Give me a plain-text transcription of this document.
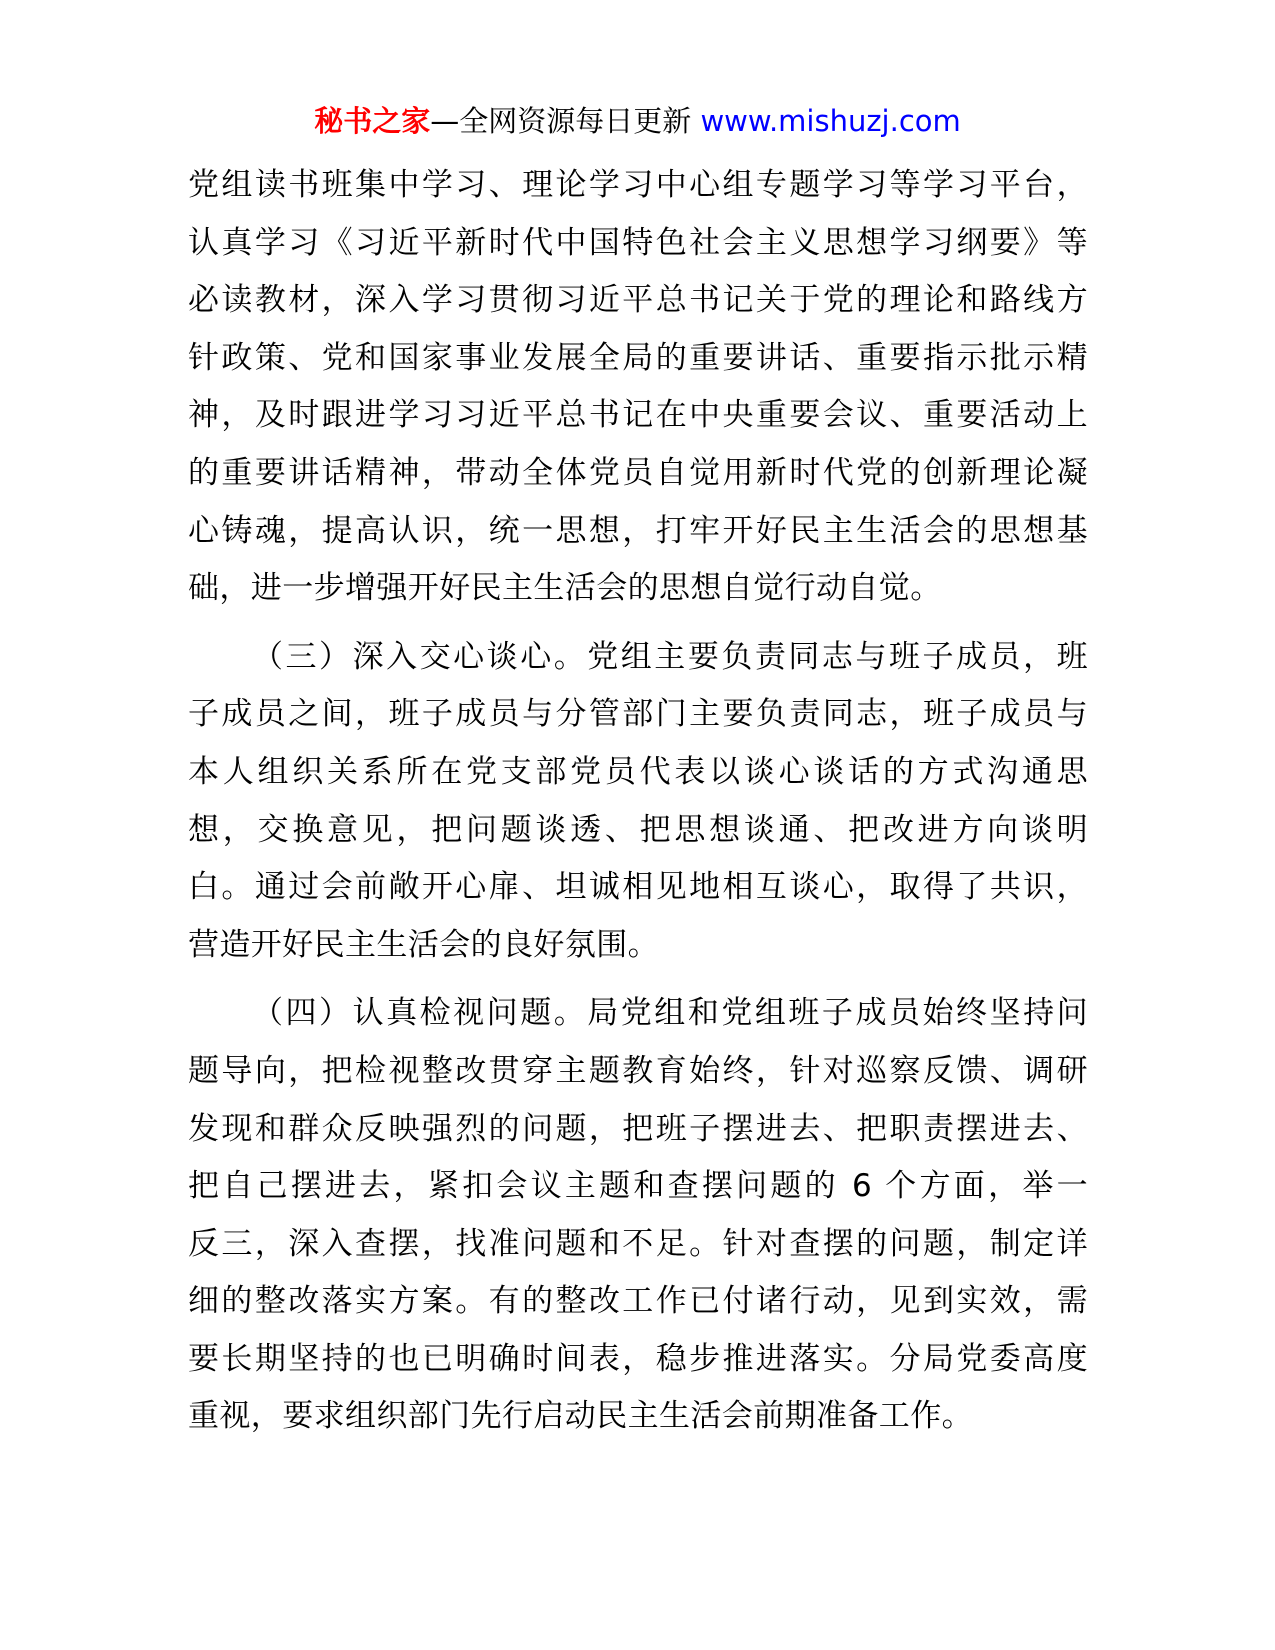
秘书之家—全网资源每日更新 www.mishuzj.com
党组读书班集中学习、理论学习中心组专题学习等学习平台，
认真学习《习近平新时代中国特色社会主义思想学习纲要》等
必读教材，深入学习贯彻习近平总书记关于党的理论和路线方
针政策、党和国家事业发展全局的重要讲话、重要指示批示精
神，及时跟进学习习近平总书记在中央重要会议、重要活动上
的重要讲话精神，带动全体党员自觉用新时代党的创新理论凝
心铸魂，提高认识，统一思想，打牢开好民主生活会的思想基
础，进一步增强开好民主生活会的思想自觉行动自觉。
（三）深入交心谈心。党组主要负责同志与班子成员，班
子成员之间，班子成员与分管部门主要负责同志，班子成员与
本人组织关系所在党支部党员代表以谈心谈话的方式沟通思
想，交换意见，把问题谈透、把思想谈通、把改进方向谈明
白。通过会前敞开心扉、坦诚相见地相互谈心，取得了共识，
营造开好民主生活会的良好氛围。
（四）认真检视问题。局党组和党组班子成员始终坚持问
题导向，把检视整改贯穿主题教育始终，针对巡察反馈、调研
发现和群众反映强烈的问题，把班子摆进去、把职责摆进去、
把自己摆进去，紧扣会议主题和查摆问题的 6 个方面，举一
反三，深入查摆，找准问题和不足。针对查摆的问题，制定详
细的整改落实方案。有的整改工作已付诸行动，见到实效，需
要长期坚持的也已明确时间表，稳步推进落实。分局党委高度
重视，要求组织部门先行启动民主生活会前期准备工作。
